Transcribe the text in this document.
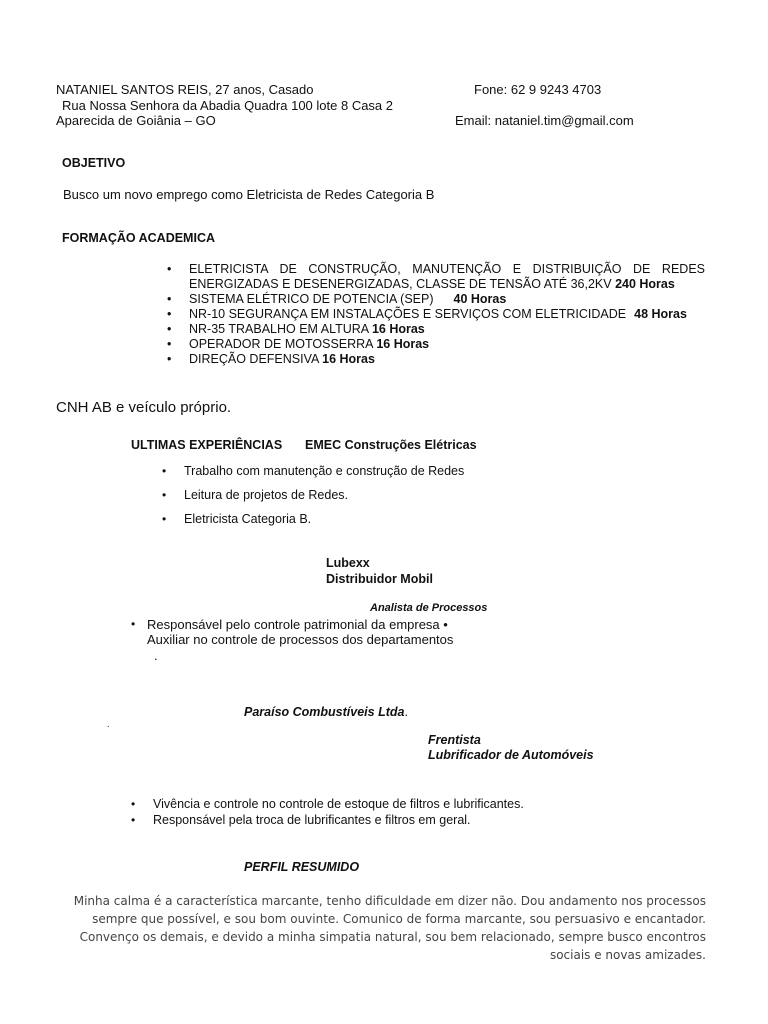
NATANIEL SANTOS REIS, 27 anos, Casado	Fone: 62 9 9243 4703
Rua Nossa Senhora da Abadia Quadra 100 lote 8 Casa 2
Aparecida de Goiânia – GO	Email: nataniel.tim@gmail.com
OBJETIVO
Busco um novo emprego como Eletricista de Redes Categoria B
FORMAÇÃO ACADEMICA
• ELETRICISTA DE CONSTRUÇÃO, MANUTENÇÃO E DISTRIBUIÇÃO DE REDES
ENERGIZADAS E DESENERGIZADAS, CLASSE DE TENSÃO ATÉ 36,2KV 240 Horas
• SISTEMA ELÉTRICO DE POTENCIA (SEP) 40 Horas
• NR-10 SEGURANÇA EM INSTALAÇÕES E SERVIÇOS COM ELETRICIDADE 48 Horas
• NR-35 TRABALHO EM ALTURA 16 Horas
• OPERADOR DE MOTOSSERRA 16 Horas
• DIREÇÃO DEFENSIVA 16 Horas
CNH AB e veículo próprio.
ULTIMAS EXPERIÊNCIAS EMEC Construções Elétricas
• Trabalho com manutenção e construção de Redes
• Leitura de projetos de Redes.
• Eletricista Categoria B.
Lubexx
Distribuidor Mobil
Analista de Processos
• Responsável pelo controle patrimonial da empresa •
Auxiliar no controle de processos dos departamentos
.
Paraíso Combustíveis Ltda.
.
Frentista
Lubrificador de Automóveis
• Vivência e controle no controle de estoque de filtros e lubrificantes.
• Responsável pela troca de lubrificantes e filtros em geral.
PERFIL RESUMIDO
Minha calma é a característica marcante, tenho dificuldade em dizer não. Dou andamento nos processos sempre que possível, e sou bom ouvinte. Comunico de forma marcante, sou persuasivo e encantador. Convenço os demais, e devido a minha simpatia natural, sou bem relacionado, sempre busco encontros sociais e novas amizades.
